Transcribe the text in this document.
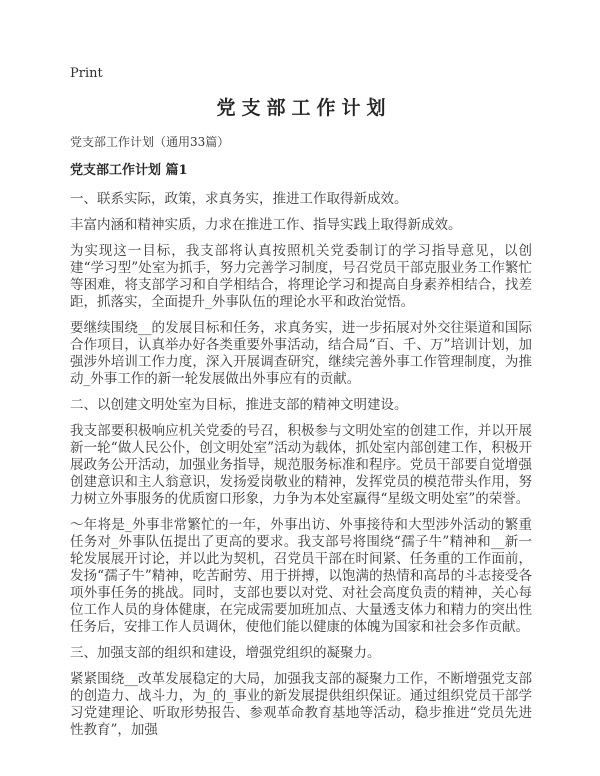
Print
党支部工作计划
党支部工作计划（通用33篇）
党支部工作计划 篇1

一、联系实际，政策，求真务实，推进工作取得新成效。

丰富内涵和精神实质，力求在推进工作、指导实践上取得新成效。

为实现这一目标，我支部将认真按照机关党委制订的学习指导意见，以创建“学习型”处室为抓手，努力完善学习制度，号召党员干部克服业务工作繁忙等困难，将支部学习和自学相结合，将理论学习和提高自身素养相结合，找差距，抓落实，全面提升_外事队伍的理论水平和政治觉悟。

要继续围绕__的发展目标和任务，求真务实，进一步拓展对外交往渠道和国际合作项目，认真举办好各类重要外事活动，结合局“百、千、万”培训计划，加强涉外培训工作力度，深入开展调查研究，继续完善外事工作管理制度，为推动_外事工作的新一轮发展做出外事应有的贡献。

二、以创建文明处室为目标，推进支部的精神文明建设。

我支部要积极响应机关党委的号召，积极参与文明处室的创建工作，并以开展新一轮“做人民公仆，创文明处室”活动为载体，抓处室内部创建工作，积极开展政务公开活动，加强业务指导，规范服务标准和程序。党员干部要自觉增强创建意识和主人翁意识，发扬爱岗敬业的精神，发挥党员的模范带头作用，努力树立外事服务的优质窗口形象，力争为本处室赢得“星级文明处室”的荣誉。

～年将是_外事非常繁忙的一年，外事出访、外事接待和大型涉外活动的繁重任务对_外事队伍提出了更高的要求。我支部号将围绕“孺子牛”精神和__新一轮发展展开讨论，并以此为契机，召党员干部在时间紧、任务重的工作面前，发扬“孺子牛”精神，吃苦耐劳、用于拼搏，以饱满的热情和高昂的斗志接受各项外事任务的挑战。同时，支部也要以对党、对社会高度负责的精神，关心每位工作人员的身体健康，在完成需要加班加点、大量透支体力和精力的突出性任务后，安排工作人员调休，使他们能以健康的体魄为国家和社会多作贡献。

三、加强支部的组织和建设，增强党组织的凝聚力。

紧紧围绕__改革发展稳定的大局，加强我支部的凝聚力工作，不断增强党支部的创造力、战斗力，为_的_事业的新发展提供组织保证。通过组织党员干部学习党建理论、听取形势报告、参观革命教育基地等活动，稳步推进“党员先进性教育”，加强
